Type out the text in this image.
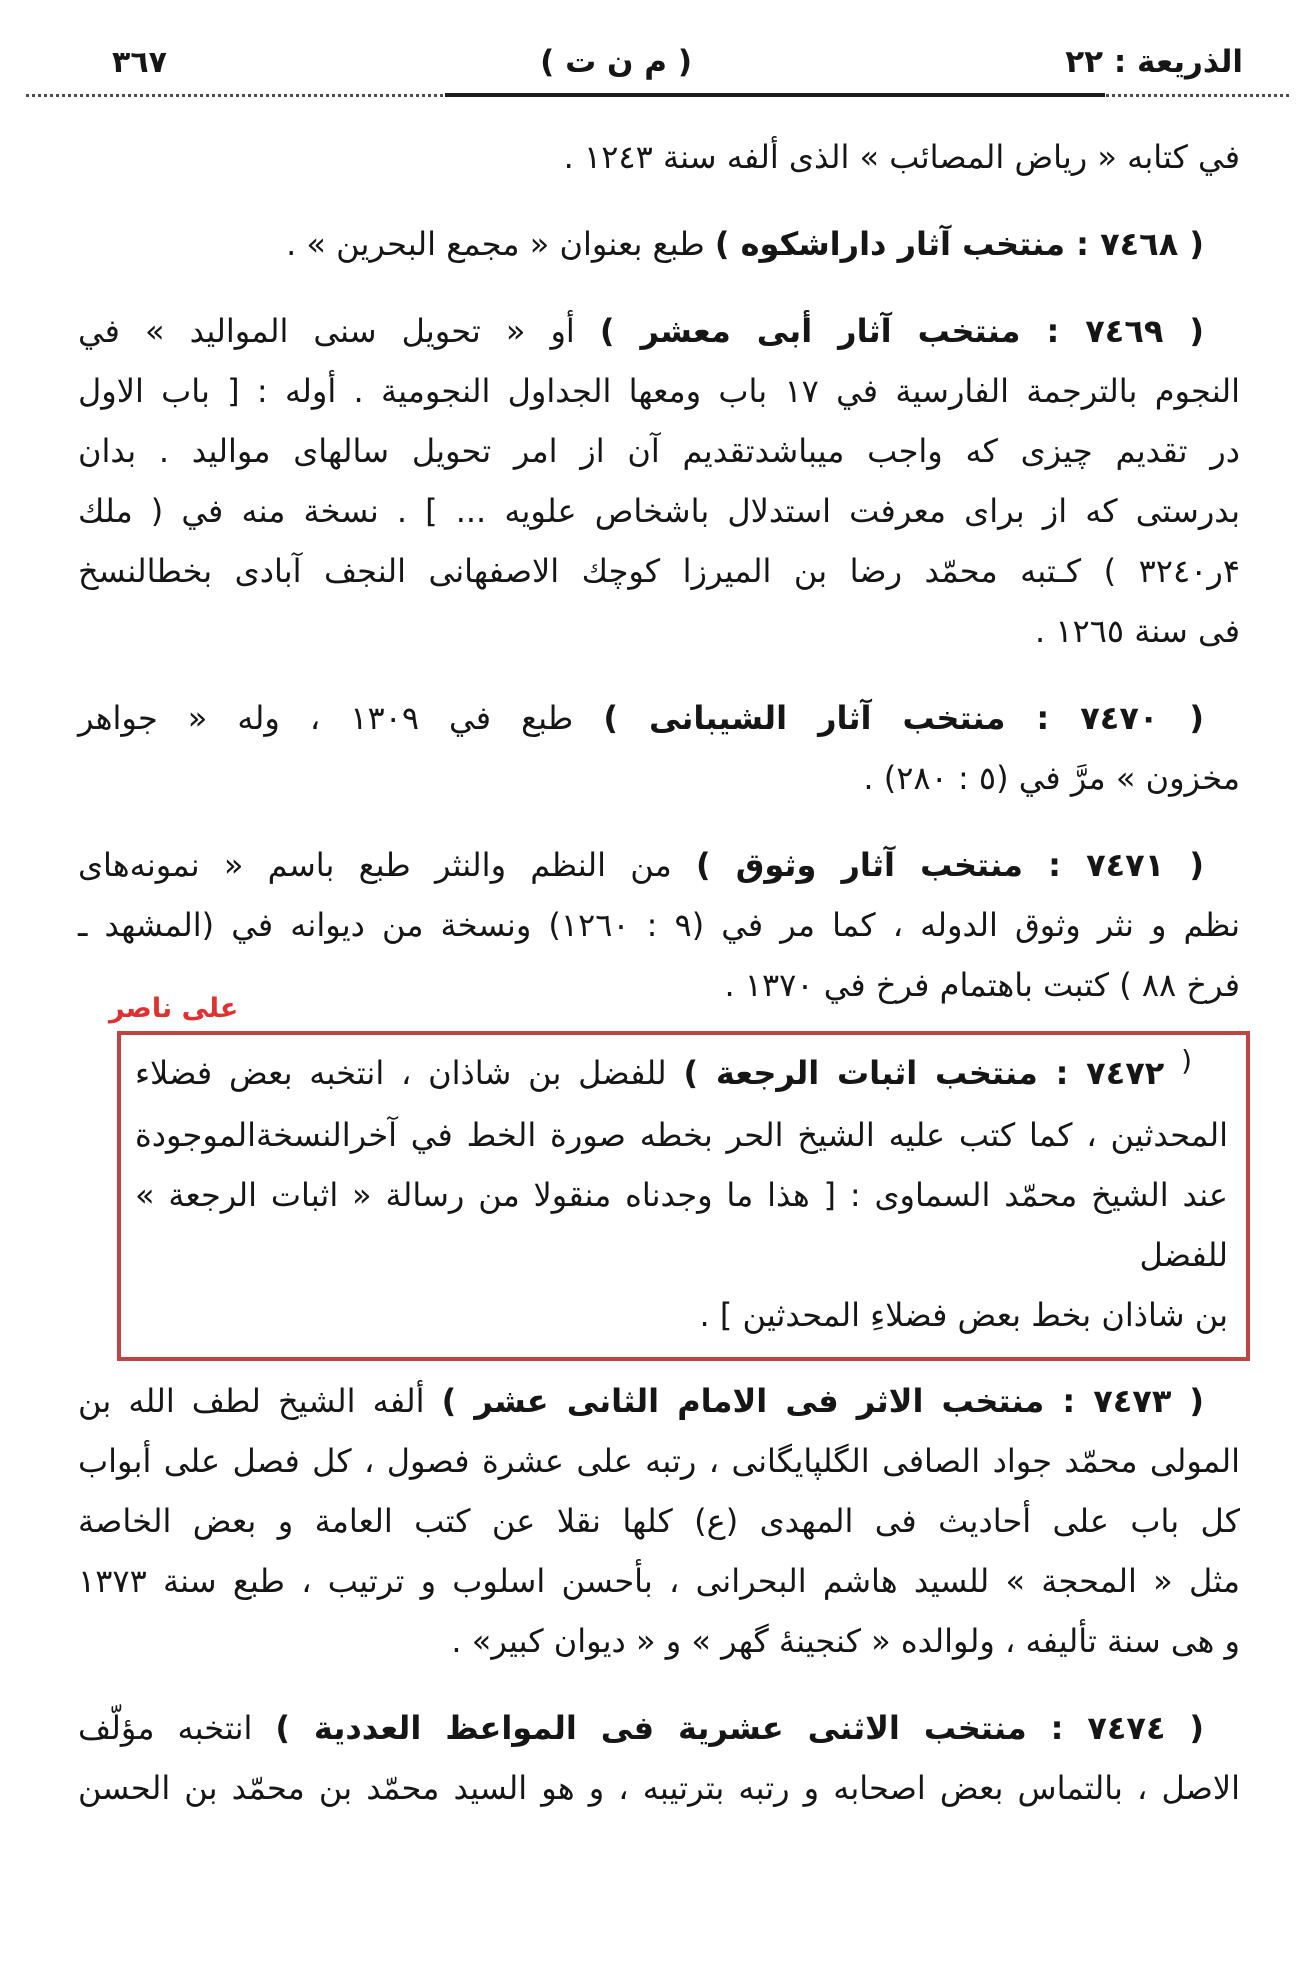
الذريعة : ٢٢
( م ن ت )
٣٦٧
في كتابه « رياض المصائب » الذى ألفه سنة ١٢٤٣ .
( ٧٤٦٨ : منتخب آثار داراشكوه ) طبع بعنوان « مجمع البحرين » .
( ٧٤٦٩ : منتخب آثار أبى معشر ) أو « تحويل سنى المواليد » في
النجوم بالترجمة الفارسية في ١٧ باب ومعها الجداول النجومية . أوله : [ باب الاول
در تقديم چيزى كه واجب ميباشدتقديم آن از امر تحويل سالهاى مواليد . بدان
بدرستى كه از براى معرفت استدلال باشخاص علويه ... ] . نسخة منه في ( ملك
۴ر٣٢٤٠ ) كـتبه محمّد رضا بن الميرزا كوچك الاصفهانى النجف آبادى بخطالنسخ
فى سنة ١٢٦٥ .
( ٧٤٧٠ : منتخب آثار الشيبانى ) طبع في ١٣٠٩ ، وله « جواهر
مخزون » مرَّ في (٥ : ٢٨٠) .
( ٧٤٧١ : منتخب آثار وثوق ) من النظم والنثر طبع باسم « نمونه‌هاى
نظم و نثر وثوق الدوله ، كما مر في (٩ : ١٢٦٠) ونسخة من ديوانه في (المشهد ـ
فرخ ٨٨ ) كتبت باهتمام فرخ في ١٣٧٠ .
على ناصر
( ٧٤٧٢ : منتخب اثبات الرجعة ) للفضل بن شاذان ، انتخبه بعض فضلاء
المحدثين ، كما كتب عليه الشيخ الحر بخطه صورة الخط في آخرالنسخةالموجودة
عند الشيخ محمّد السماوى : [ هذا ما وجدناه منقولا من رسالة « اثبات الرجعة » للفضل
بن شاذان بخط بعض فضلاءِ المحدثين ] .
( ٧٤٧٣ : منتخب الاثر فى الامام الثانى عشر ) ألفه الشيخ لطف الله بن
المولى محمّد جواد الصافى الگلپايگانى ، رتبه على عشرة فصول ، كل فصل على أبواب
كل باب على أحاديث فى المهدى (ع) كلها نقلا عن كتب العامة و بعض الخاصة
مثل « المحجة » للسيد هاشم البحرانى ، بأحسن اسلوب و ترتيب ، طبع سنة ١٣٧٣
و هى سنة تأليفه ، ولوالده « كنجينهٔ گهر » و « ديوان كبير» .
( ٧٤٧٤ : منتخب الاثنى عشرية فى المواعظ العددية ) انتخبه مؤلّف
الاصل ، بالتماس بعض اصحابه و رتبه بترتيبه ، و هو السيد محمّد بن محمّد بن الحسن
